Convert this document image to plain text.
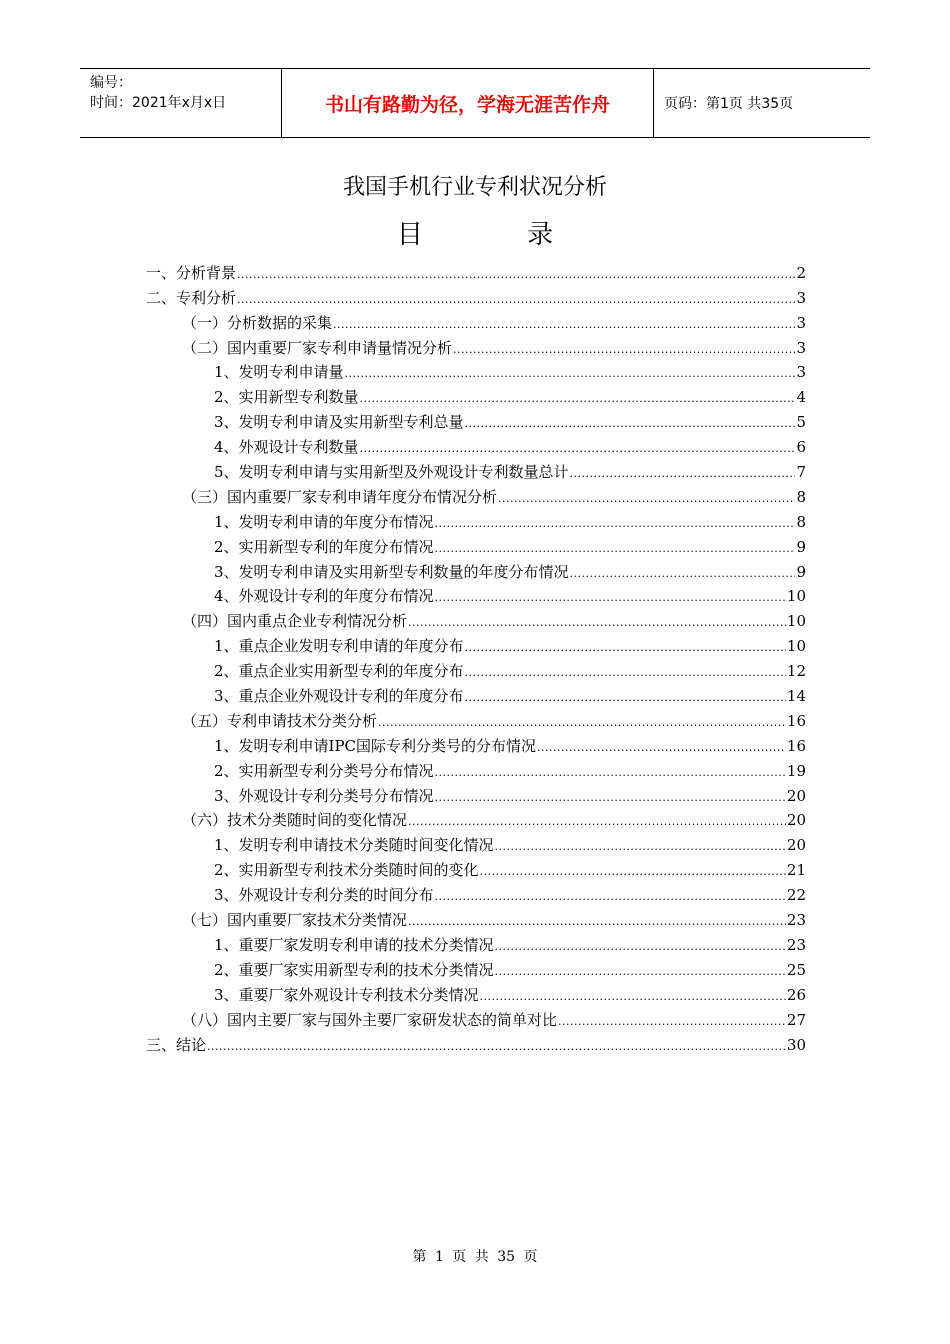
编号：
时间：2021年x月x日	书山有路勤为径，学海无涯苦作舟	页码：第1页 共35页
我国手机行业专利状况分析
目 录
一、分析背景 .....	2
二、专利分析 .....	3
（一）分析数据的采集 .....	3
（二）国内重要厂家专利申请量情况分析 .....	3
1、发明专利申请量 .....	3
2、实用新型专利数量 .....	4
3、发明专利申请及实用新型专利总量 .....	5
4、外观设计专利数量 .....	6
5、发明专利申请与实用新型及外观设计专利数量总计 .....	7
（三）国内重要厂家专利申请年度分布情况分析 .....	8
1、发明专利申请的年度分布情况 .....	8
2、实用新型专利的年度分布情况 .....	9
3、发明专利申请及实用新型专利数量的年度分布情况 .....	9
4、外观设计专利的年度分布情况 .....	10
（四）国内重点企业专利情况分析 .....	10
1、重点企业发明专利申请的年度分布 .....	10
2、重点企业实用新型专利的年度分布 .....	12
3、重点企业外观设计专利的年度分布 .....	14
（五）专利申请技术分类分析 .....	16
1、发明专利申请IPC国际专利分类号的分布情况 .....	16
2、实用新型专利分类号分布情况 .....	19
3、外观设计专利分类号分布情况 .....	20
（六）技术分类随时间的变化情况 .....	20
1、发明专利申请技术分类随时间变化情况 .....	20
2、实用新型专利技术分类随时间的变化 .....	21
3、外观设计专利分类的时间分布 .....	22
（七）国内重要厂家技术分类情况 .....	23
1、重要厂家发明专利申请的技术分类情况 .....	23
2、重要厂家实用新型专利的技术分类情况 .....	25
3、重要厂家外观设计专利技术分类情况 .....	26
（八）国内主要厂家与国外主要厂家研发状态的简单对比 .....	27
三、结论 .....	30
第 1 页 共 35 页
